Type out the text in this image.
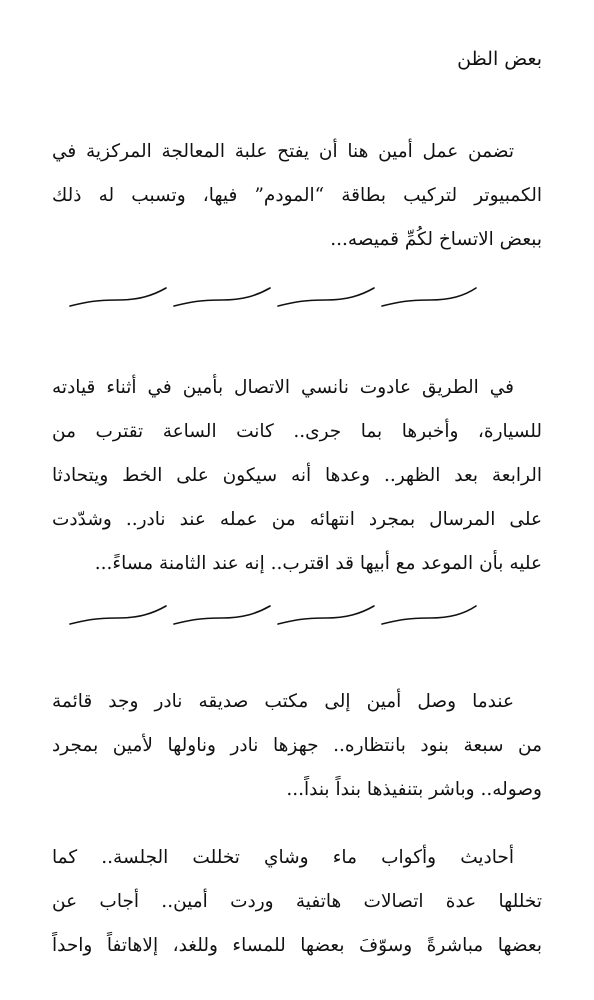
بعض الظن
تضمن عمل أمين هنا أن يفتح علبة المعالجة المركزية في
الكمبيوتر لتركيب بطاقة “المودم” فيها، وتسبب له ذلك
ببعض الاتساخ لكُمِّ قميصه...
في الطريق عادوت نانسي الاتصال بأمين في أثناء قيادته
للسيارة، وأخبرها بما جرى.. كانت الساعة تقترب من
الرابعة بعد الظهر.. وعدها أنه سيكون على الخط ويتحادثا
على المرسال بمجرد انتهائه من عمله عند نادر.. وشدّدت
عليه بأن الموعد مع أبيها قد اقترب.. إنه عند الثامنة مساءً...
عندما وصل أمين إلى مكتب صديقه نادر وجد قائمة
من سبعة بنود بانتظاره.. جهزها نادر وناولها لأمين بمجرد
وصوله.. وباشر بتنفيذها بنداً بنداً...
أحاديث وأكواب ماء وشاي تخللت الجلسة.. كما
تخللها عدة اتصالات هاتفية وردت أمين.. أجاب عن
بعضها مباشرةً وسوّفَ بعضها للمساء وللغد، إلاهاتفاً واحداً
